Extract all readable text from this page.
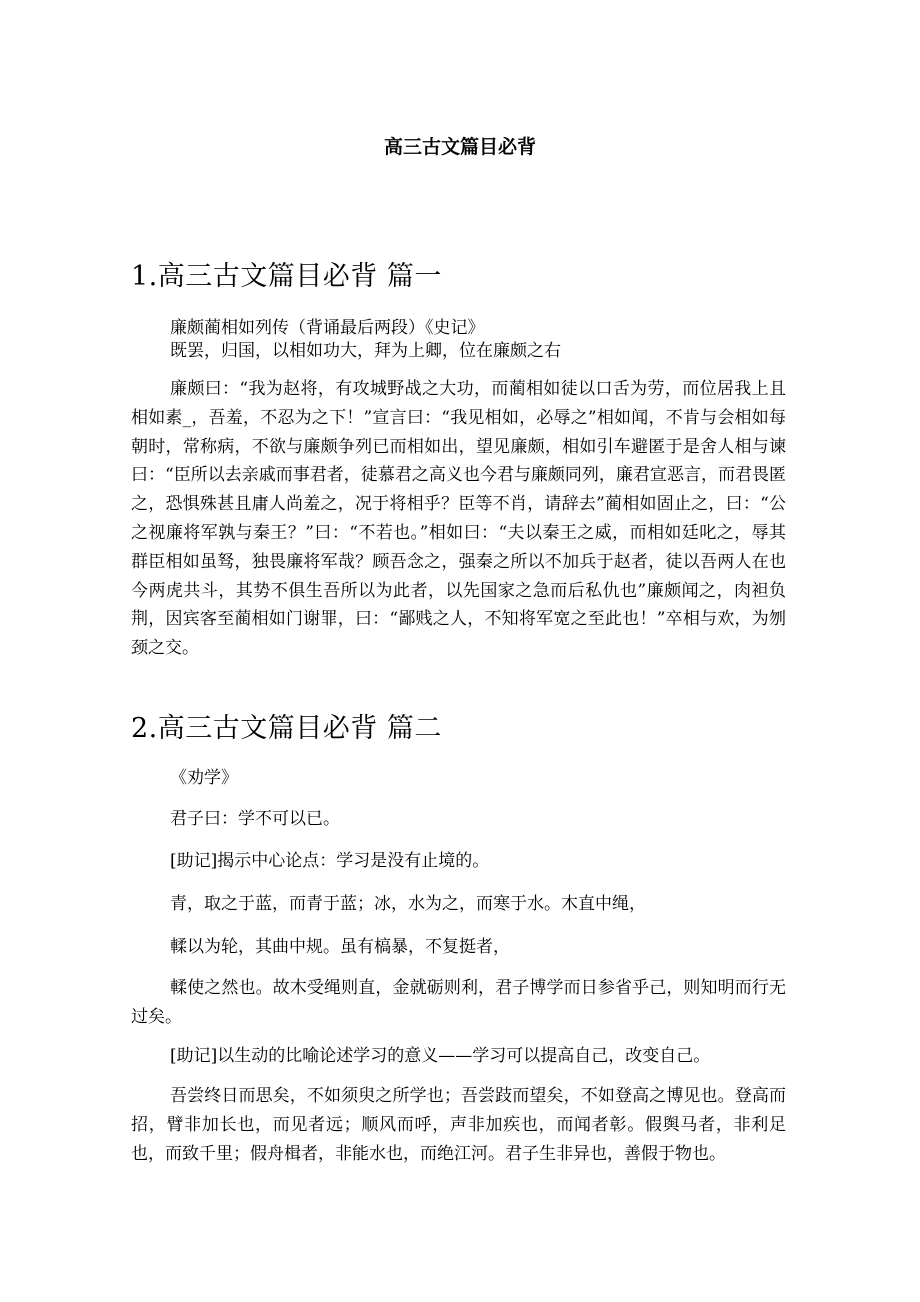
高三古文篇目必背
1.高三古文篇目必背 篇一
廉颇蔺相如列传（背诵最后两段）《史记》
既罢，归国，以相如功大，拜为上卿，位在廉颇之右

廉颇曰：“我为赵将，有攻城野战之大功，而蔺相如徒以口舌为劳，而位居我上且相如素_，吾羞，不忍为之下！”宣言曰：“我见相如，必辱之”相如闻，不肯与会相如每朝时，常称病，不欲与廉颇争列已而相如出，望见廉颇，相如引车避匿于是舍人相与谏曰：“臣所以去亲戚而事君者，徒慕君之高义也今君与廉颇同列，廉君宣恶言，而君畏匿之，恐惧殊甚且庸人尚羞之，况于将相乎？臣等不肖，请辞去”蔺相如固止之，曰：“公之视廉将军孰与秦王？”曰：“不若也。”相如曰：“夫以秦王之威，而相如廷叱之，辱其群臣相如虽驽，独畏廉将军哉？顾吾念之，强秦之所以不加兵于赵者，徒以吾两人在也今两虎共斗，其势不俱生吾所以为此者，以先国家之急而后私仇也”廉颇闻之，肉袒负荆，因宾客至蔺相如门谢罪，曰：“鄙贱之人，不知将军宽之至此也！”卒相与欢，为刎颈之交。

2.高三古文篇目必背 篇二
《劝学》
君子曰：学不可以已。
[助记]揭示中心论点：学习是没有止境的。
青，取之于蓝，而青于蓝；冰，水为之，而寒于水。木直中绳，
輮以为轮，其曲中规。虽有槁暴，不复挺者，

輮使之然也。故木受绳则直，金就砺则利，君子博学而日参省乎己，则知明而行无过矣。

[助记]以生动的比喻论述学习的意义——学习可以提高自己，改变自己。

吾尝终日而思矣，不如须臾之所学也；吾尝跂而望矣，不如登高之博见也。登高而招，臂非加长也，而见者远；顺风而呼，声非加疾也，而闻者彰。假舆马者，非利足也，而致千里；假舟楫者，非能水也，而绝江河。君子生非异也，善假于物也。
